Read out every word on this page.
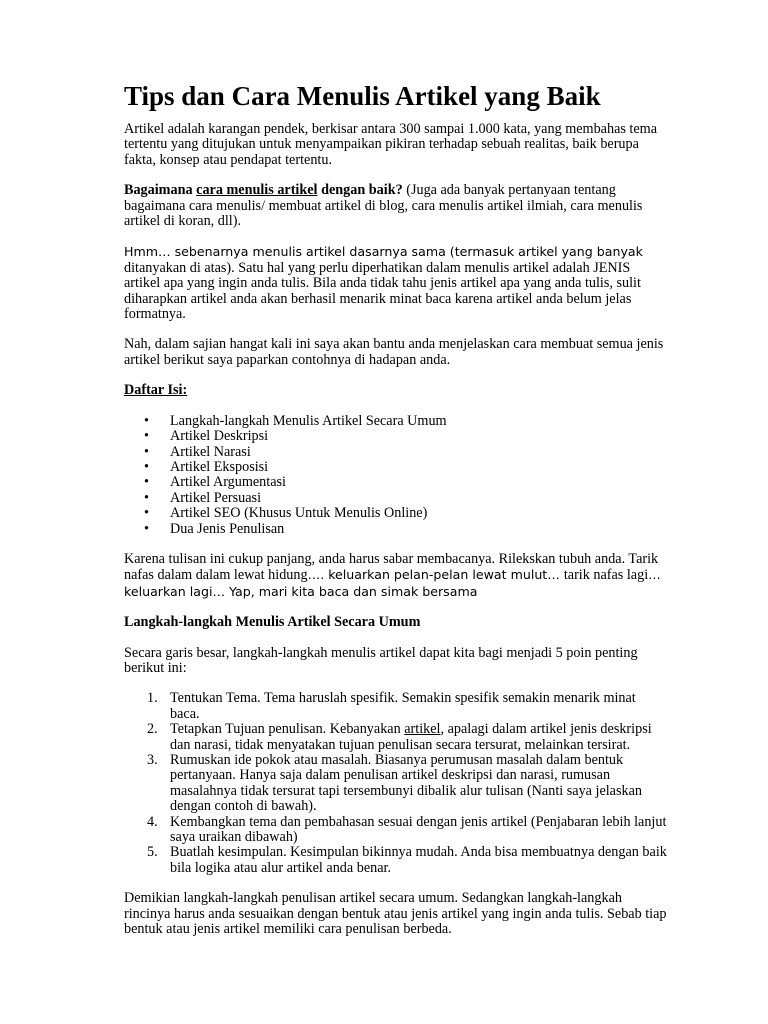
Tips dan Cara Menulis Artikel yang Baik

Artikel adalah karangan pendek, berkisar antara 300 sampai 1.000 kata, yang membahas tema tertentu yang ditujukan untuk menyampaikan pikiran terhadap sebuah realitas, baik berupa fakta, konsep atau pendapat tertentu.

Bagaimana cara menulis artikel dengan baik? (Juga ada banyak pertanyaan tentang bagaimana cara menulis/ membuat artikel di blog, cara menulis artikel ilmiah, cara menulis artikel di koran, dll).

Hmm… sebenarnya menulis artikel dasarnya sama (termasuk artikel yang banyak ditanyakan di atas). Satu hal yang perlu diperhatikan dalam menulis artikel adalah JENIS artikel apa yang ingin anda tulis. Bila anda tidak tahu jenis artikel apa yang anda tulis, sulit diharapkan artikel anda akan berhasil menarik minat baca karena artikel anda belum jelas formatnya.

Nah, dalam sajian hangat kali ini saya akan bantu anda menjelaskan cara membuat semua jenis artikel berikut saya paparkan contohnya di hadapan anda.

Daftar Isi:

• Langkah-langkah Menulis Artikel Secara Umum
• Artikel Deskripsi
• Artikel Narasi
• Artikel Eksposisi
• Artikel Argumentasi
• Artikel Persuasi
• Artikel SEO (Khusus Untuk Menulis Online)
• Dua Jenis Penulisan

Karena tulisan ini cukup panjang, anda harus sabar membacanya. Rilekskan tubuh anda. Tarik nafas dalam dalam lewat hidung…. keluarkan pelan-pelan lewat mulut… tarik nafas lagi… keluarkan lagi… Yap, mari kita baca dan simak bersama

Langkah-langkah Menulis Artikel Secara Umum

Secara garis besar, langkah-langkah menulis artikel dapat kita bagi menjadi 5 poin penting berikut ini:

1. Tentukan Tema. Tema haruslah spesifik. Semakin spesifik semakin menarik minat baca.
2. Tetapkan Tujuan penulisan. Kebanyakan artikel, apalagi dalam artikel jenis deskripsi dan narasi, tidak menyatakan tujuan penulisan secara tersurat, melainkan tersirat.
3. Rumuskan ide pokok atau masalah. Biasanya perumusan masalah dalam bentuk pertanyaan. Hanya saja dalam penulisan artikel deskripsi dan narasi, rumusan masalahnya tidak tersurat tapi tersembunyi dibalik alur tulisan (Nanti saya jelaskan dengan contoh di bawah).
4. Kembangkan tema dan pembahasan sesuai dengan jenis artikel (Penjabaran lebih lanjut saya uraikan dibawah)
5. Buatlah kesimpulan. Kesimpulan bikinnya mudah. Anda bisa membuatnya dengan baik bila logika atau alur artikel anda benar.

Demikian langkah-langkah penulisan artikel secara umum. Sedangkan langkah-langkah rincinya harus anda sesuaikan dengan bentuk atau jenis artikel yang ingin anda tulis. Sebab tiap bentuk atau jenis artikel memiliki cara penulisan berbeda.
